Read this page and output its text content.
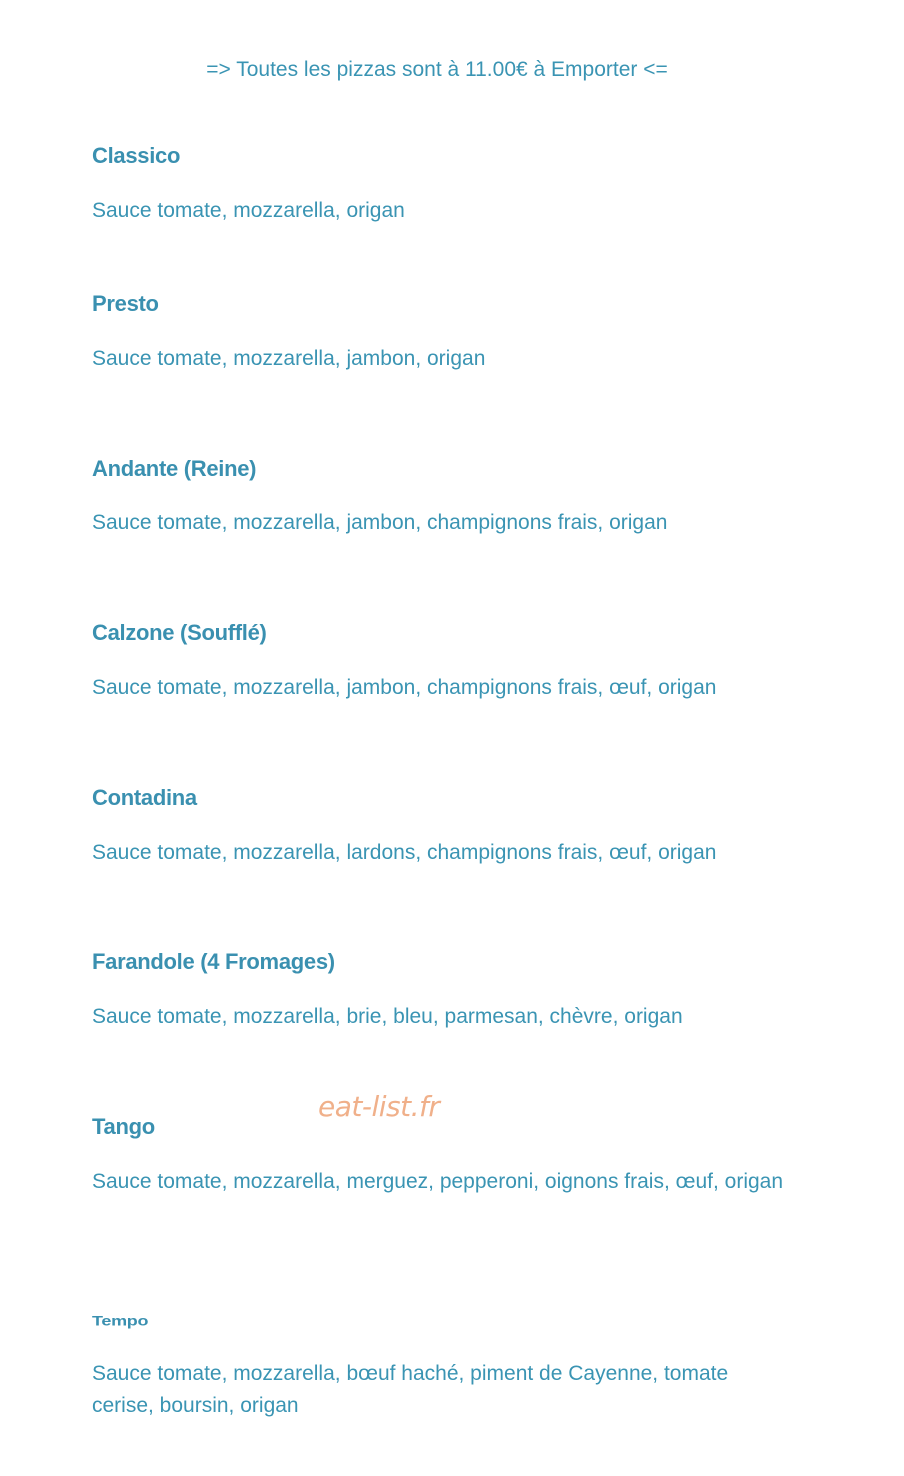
=> Toutes les pizzas sont à 11.00€ à Emporter <=
Classico
Sauce tomate, mozzarella, origan
Presto
Sauce tomate, mozzarella, jambon, origan
Andante (Reine)
Sauce tomate, mozzarella, jambon, champignons frais, origan
Calzone (Soufflé)
Sauce tomate, mozzarella, jambon, champignons frais, œuf, origan
Contadina
Sauce tomate, mozzarella, lardons, champignons frais, œuf, origan
Farandole (4 Fromages)
Sauce tomate, mozzarella, brie, bleu, parmesan, chèvre, origan
eat-list.fr
Tango
Sauce tomate, mozzarella, merguez, pepperoni, oignons frais, œuf, origan
Tempo
Sauce tomate, mozzarella, bœuf haché, piment de Cayenne, tomate cerise, boursin, origan
